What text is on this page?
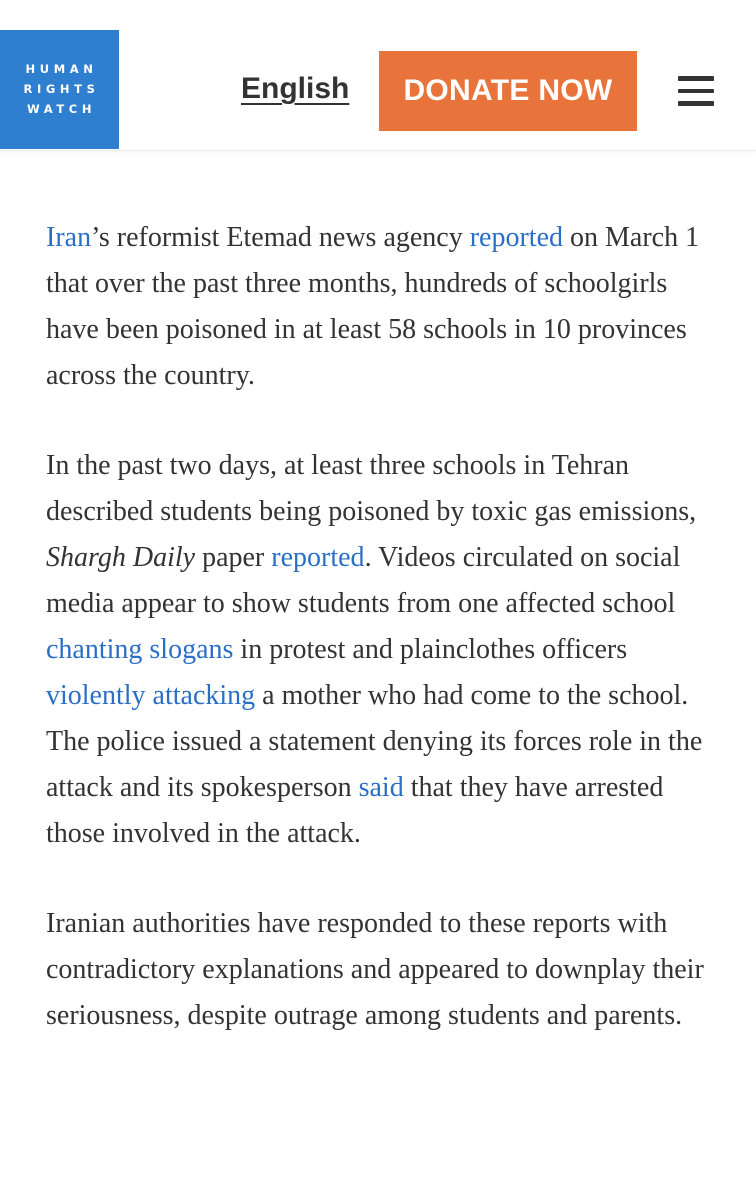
HUMAN
RIGHTS
WATCH
English	DONATE NOW

Iran’s reformist Etemad news agency reported on March 1 that over the past three months, hundreds of schoolgirls have been poisoned in at least 58 schools in 10 provinces across the country.

In the past two days, at least three schools in Tehran described students being poisoned by toxic gas emissions, Shargh Daily paper reported. Videos circulated on social media appear to show students from one affected school chanting slogans in protest and plainclothes officers violently attacking a mother who had come to the school. The police issued a statement denying its forces role in the attack and its spokesperson said that they have arrested those involved in the attack.

Iranian authorities have responded to these reports with contradictory explanations and appeared to downplay their seriousness, despite outrage among students and parents.
